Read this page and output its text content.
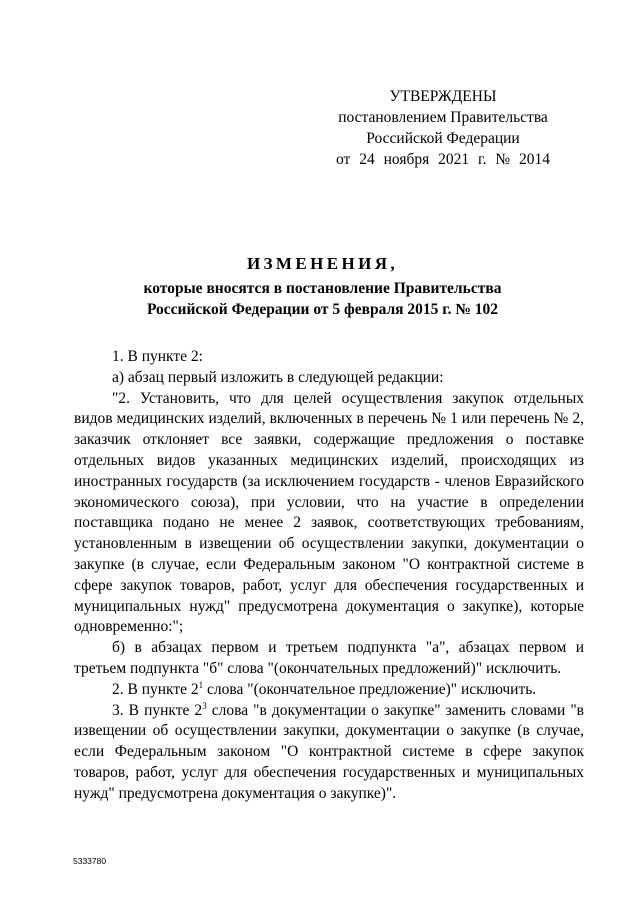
УТВЕРЖДЕНЫ
постановлением Правительства
Российской Федерации
от 24 ноября 2021 г. № 2014
ИЗМЕНЕНИЯ,
которые вносятся в постановление Правительства
Российской Федерации от 5 февраля 2015 г. № 102
1. В пункте 2:
а) абзац первый изложить в следующей редакции:

"2. Установить, что для целей осуществления закупок отдельных видов медицинских изделий, включенных в перечень № 1 или перечень № 2, заказчик отклоняет все заявки, содержащие предложения о поставке отдельных видов указанных медицинских изделий, происходящих из иностранных государств (за исключением государств - членов Евразийского экономического союза), при условии, что на участие в определении поставщика подано не менее 2 заявок, соответствующих требованиям, установленным в извещении об осуществлении закупки, документации о закупке (в случае, если Федеральным законом "О контрактной системе в сфере закупок товаров, работ, услуг для обеспечения государственных и муниципальных нужд" предусмотрена документация о закупке), которые одновременно:";

б) в абзацах первом и третьем подпункта "а", абзацах первом и третьем подпункта "б" слова "(окончательных предложений)" исключить.

2. В пункте $2^1$ слова "(окончательное предложение)" исключить.

3. В пункте $2^3$ слова "в документации о закупке" заменить словами "в извещении об осуществлении закупки, документации о закупке (в случае, если Федеральным законом "О контрактной системе в сфере закупок товаров, работ, услуг для обеспечения государственных и муниципальных нужд" предусмотрена документация о закупке)".

5333780
